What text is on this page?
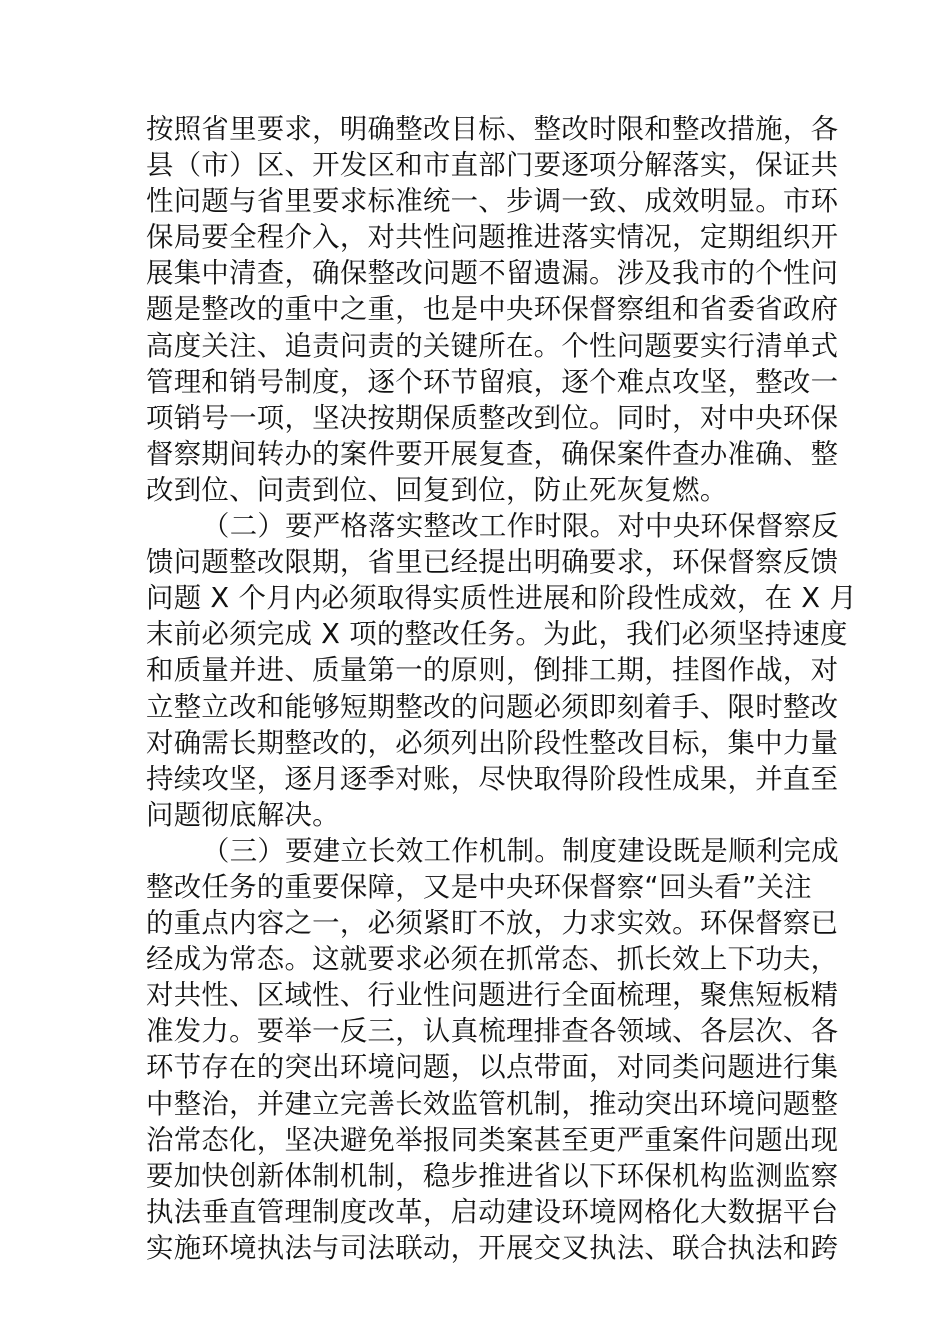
按照省里要求，明确整改目标、整改时限和整改措施，各
县（市）区、开发区和市直部门要逐项分解落实，保证共
性问题与省里要求标准统一、步调一致、成效明显。市环
保局要全程介入，对共性问题推进落实情况，定期组织开
展集中清查，确保整改问题不留遗漏。涉及我市的个性问
题是整改的重中之重，也是中央环保督察组和省委省政府
高度关注、追责问责的关键所在。个性问题要实行清单式
管理和销号制度，逐个环节留痕，逐个难点攻坚，整改一
项销号一项，坚决按期保质整改到位。同时，对中央环保
督察期间转办的案件要开展复查，确保案件查办准确、整
改到位、问责到位、回复到位，防止死灰复燃。
（二）要严格落实整改工作时限。对中央环保督察反
馈问题整改限期，省里已经提出明确要求，环保督察反馈
问题 X 个月内必须取得实质性进展和阶段性成效，在 X 月
末前必须完成 X 项的整改任务。为此，我们必须坚持速度
和质量并进、质量第一的原则，倒排工期，挂图作战，对
立整立改和能够短期整改的问题必须即刻着手、限时整改
对确需长期整改的，必须列出阶段性整改目标，集中力量
持续攻坚，逐月逐季对账，尽快取得阶段性成果，并直至
问题彻底解决。
（三）要建立长效工作机制。制度建设既是顺利完成
整改任务的重要保障，又是中央环保督察“回头看”关注
的重点内容之一，必须紧盯不放，力求实效。环保督察已
经成为常态。这就要求必须在抓常态、抓长效上下功夫，
对共性、区域性、行业性问题进行全面梳理，聚焦短板精
准发力。要举一反三，认真梳理排查各领域、各层次、各
环节存在的突出环境问题，以点带面，对同类问题进行集
中整治，并建立完善长效监管机制，推动突出环境问题整
治常态化，坚决避免举报同类案甚至更严重案件问题出现
要加快创新体制机制，稳步推进省以下环保机构监测监察
执法垂直管理制度改革，启动建设环境网格化大数据平台
实施环境执法与司法联动，开展交叉执法、联合执法和跨
